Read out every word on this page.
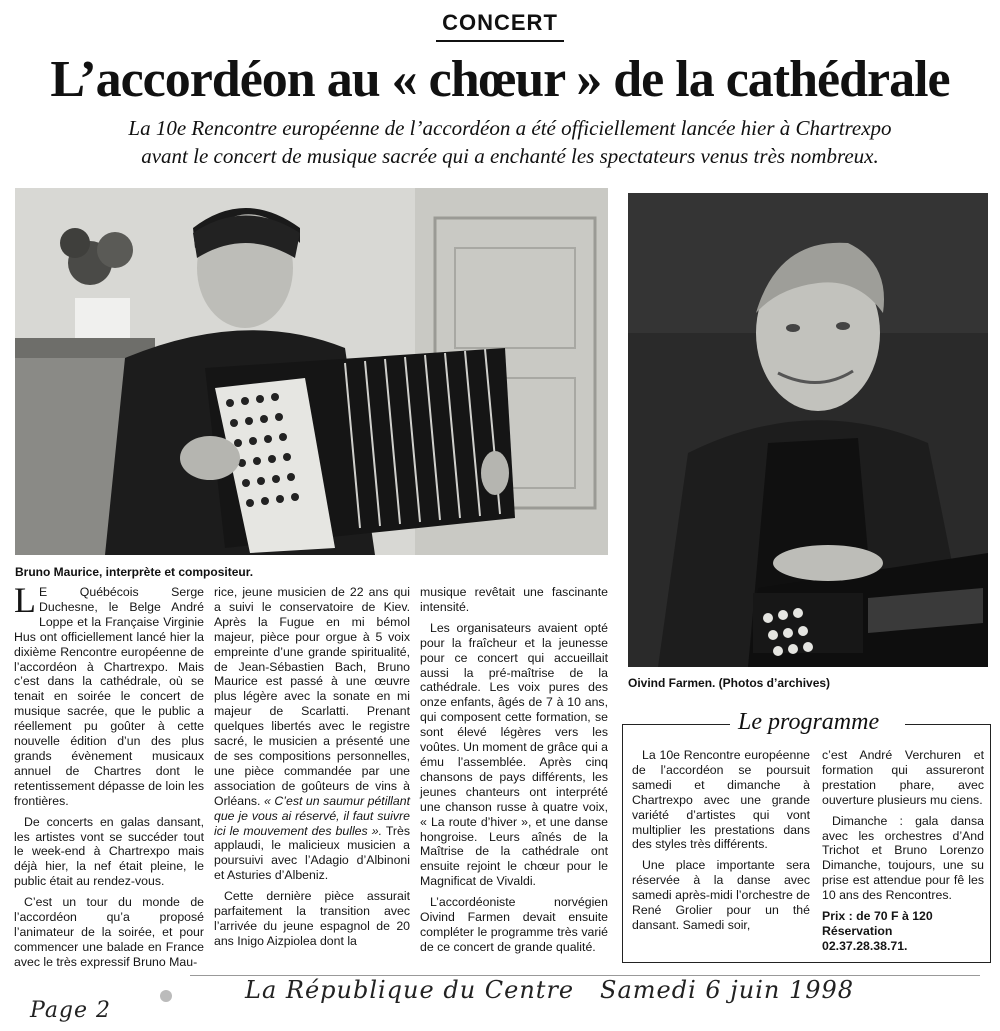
CONCERT
L’accordéon au « chœur » de la cathédrale
La 10e Rencontre européenne de l’accordéon a été officiellement lancée hier à Chartrexpo
avant le concert de musique sacrée qui a enchanté les spectateurs venus très nombreux.
Bruno Maurice, interprète et compositeur.
Oivind Farmen. (Photos d’archives)

L E Québécois Serge Duchesne, le Belge André Loppe et la Française Virginie Hus ont officiellement lancé hier la dixième Rencontre européenne de l’accordéon à Chartrexpo. Mais c’est dans la cathédrale, où se tenait en soirée le concert de musique sacrée, que le public a réellement pu goûter à cette nouvelle édition d’un des plus grands évènement musicaux annuel de Chartres dont le retentissement dépasse de loin les frontières.

De concerts en galas dansant, les artistes vont se succéder tout le week-end à Chartrexpo mais déjà hier, la nef était pleine, le public était au rendez-vous.

C’est un tour du monde de l’accordéon qu’a proposé l’animateur de la soirée, et pour commencer une balade en France avec le très expressif Bruno Mau-

rice, jeune musicien de 22 ans qui a suivi le conservatoire de Kiev. Après la Fugue en mi bémol majeur, pièce pour orgue à 5 voix empreinte d’une grande spiritualité, de Jean-Sébastien Bach, Bruno Maurice est passé à une œuvre plus légère avec la sonate en mi majeur de Scarlatti. Prenant quelques libertés avec le registre sacré, le musicien a présenté une de ses compositions personnelles, une pièce commandée par une association de goûteurs de vins à Orléans. « C’est un saumur pétillant que je vous ai réservé, il faut suivre ici le mouvement des bulles ». Très applaudi, le malicieux musicien a poursuivi avec l’Adagio d’Albinoni et Asturies d’Albeniz.

Cette dernière pièce assurait parfaitement la transition avec l’arrivée du jeune espagnol de 20 ans Inigo Aizpiolea dont la

musique revêtait une fascinante intensité.

Les organisateurs avaient opté pour la fraîcheur et la jeunesse pour ce concert qui accueillait aussi la pré-maîtrise de la cathédrale. Les voix pures des onze enfants, âgés de 7 à 10 ans, qui composent cette formation, se sont élevé légères vers les voûtes. Un moment de grâce qui a ému l’assemblée. Après cinq chansons de pays différents, les jeunes chanteurs ont interprété une chanson russe à quatre voix, « La route d’hiver », et une danse hongroise. Leurs aînés de la Maîtrise de la cathédrale ont ensuite rejoint le chœur pour le Magnificat de Vivaldi.

L’accordéoniste norvégien Oivind Farmen devait ensuite compléter le programme très varié de ce concert de grande qualité.

Le programme

La 10e Rencontre européenne de l’accordéon se poursuit samedi et dimanche à Chartrexpo avec une grande variété d’artistes qui vont multiplier les prestations dans des styles très différents.

Une place importante sera réservée à la danse avec samedi après-midi l’orchestre de René Grolier pour un thé dansant. Samedi soir,

c’est André Verchuren et formation qui assureront prestation phare, avec ouverture plusieurs mu ciens.

Dimanche : gala dansa avec les orchestres d’And Trichot et Bruno Lorenzo Dimanche, toujours, une su prise est attendue pour fê les 10 ans des Rencontres.

Prix : de 70 F à 120
Réservation
02.37.28.38.71.
La République du Centre   Samedi 6 juin 1998
Page 2
